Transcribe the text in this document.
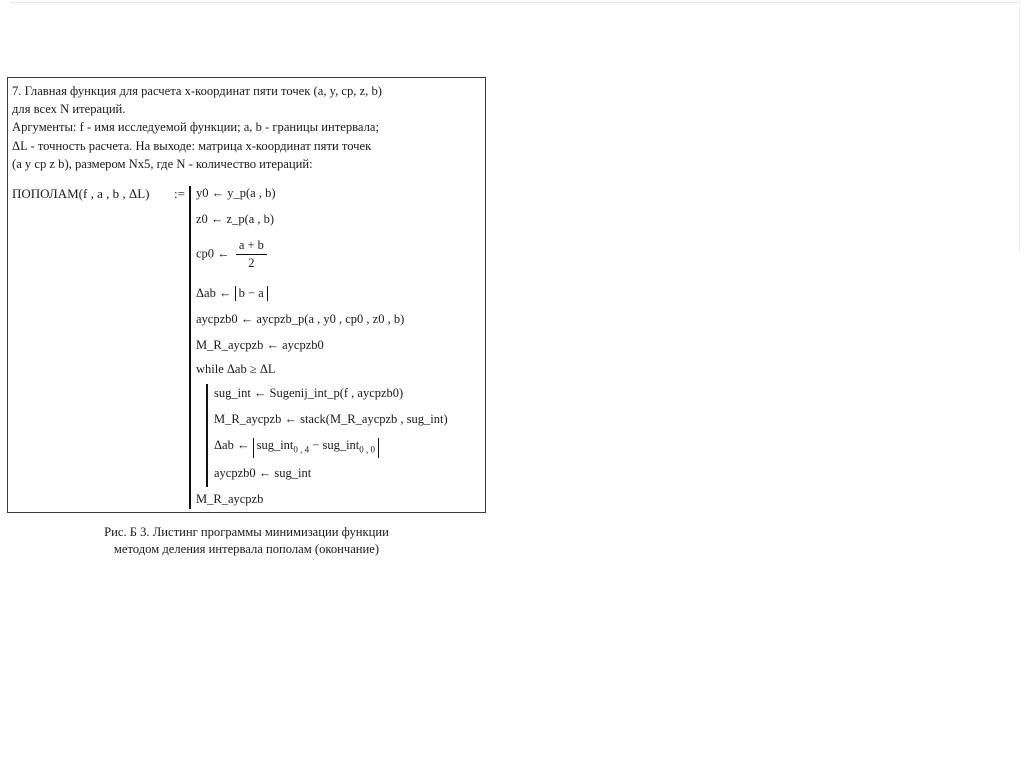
7. Главная функция для расчета x-координат пяти точек (a, y, cp, z, b)
для всех N итераций.
Аргументы: f - имя исследуемой функции; a, b - границы интервала;
ΔL - точность расчета. На выходе: матрица x-координат пяти точек
(a y cp z b), размером Nx5, где N - количество итераций:
ПОПОЛАМ(f , a , b , ΔL) := y0 ← y_p(a , b)
z0 ← z_p(a , b)
cp0 ← $\frac{a + b}{2}$
Δab ← b − a
aycpzb0 ← aycpzb_p(a , y0 , cp0 , z0 , b)
M_R_aycpzb ← aycpzb0
while Δab ≥ ΔL
sug_int ← Sugenij_int_p(f , aycpzb0)
M_R_aycpzb ← stack(M_R_aycpzb , sug_int)
Δab ← sug_int$_{0 , 4}$ − sug_int$_{0 , 0}$
aycpzb0 ← sug_int
M_R_aycpzb
Рис. Б 3. Листинг программы минимизации функции
методом деления интервала пополам (окончание)
